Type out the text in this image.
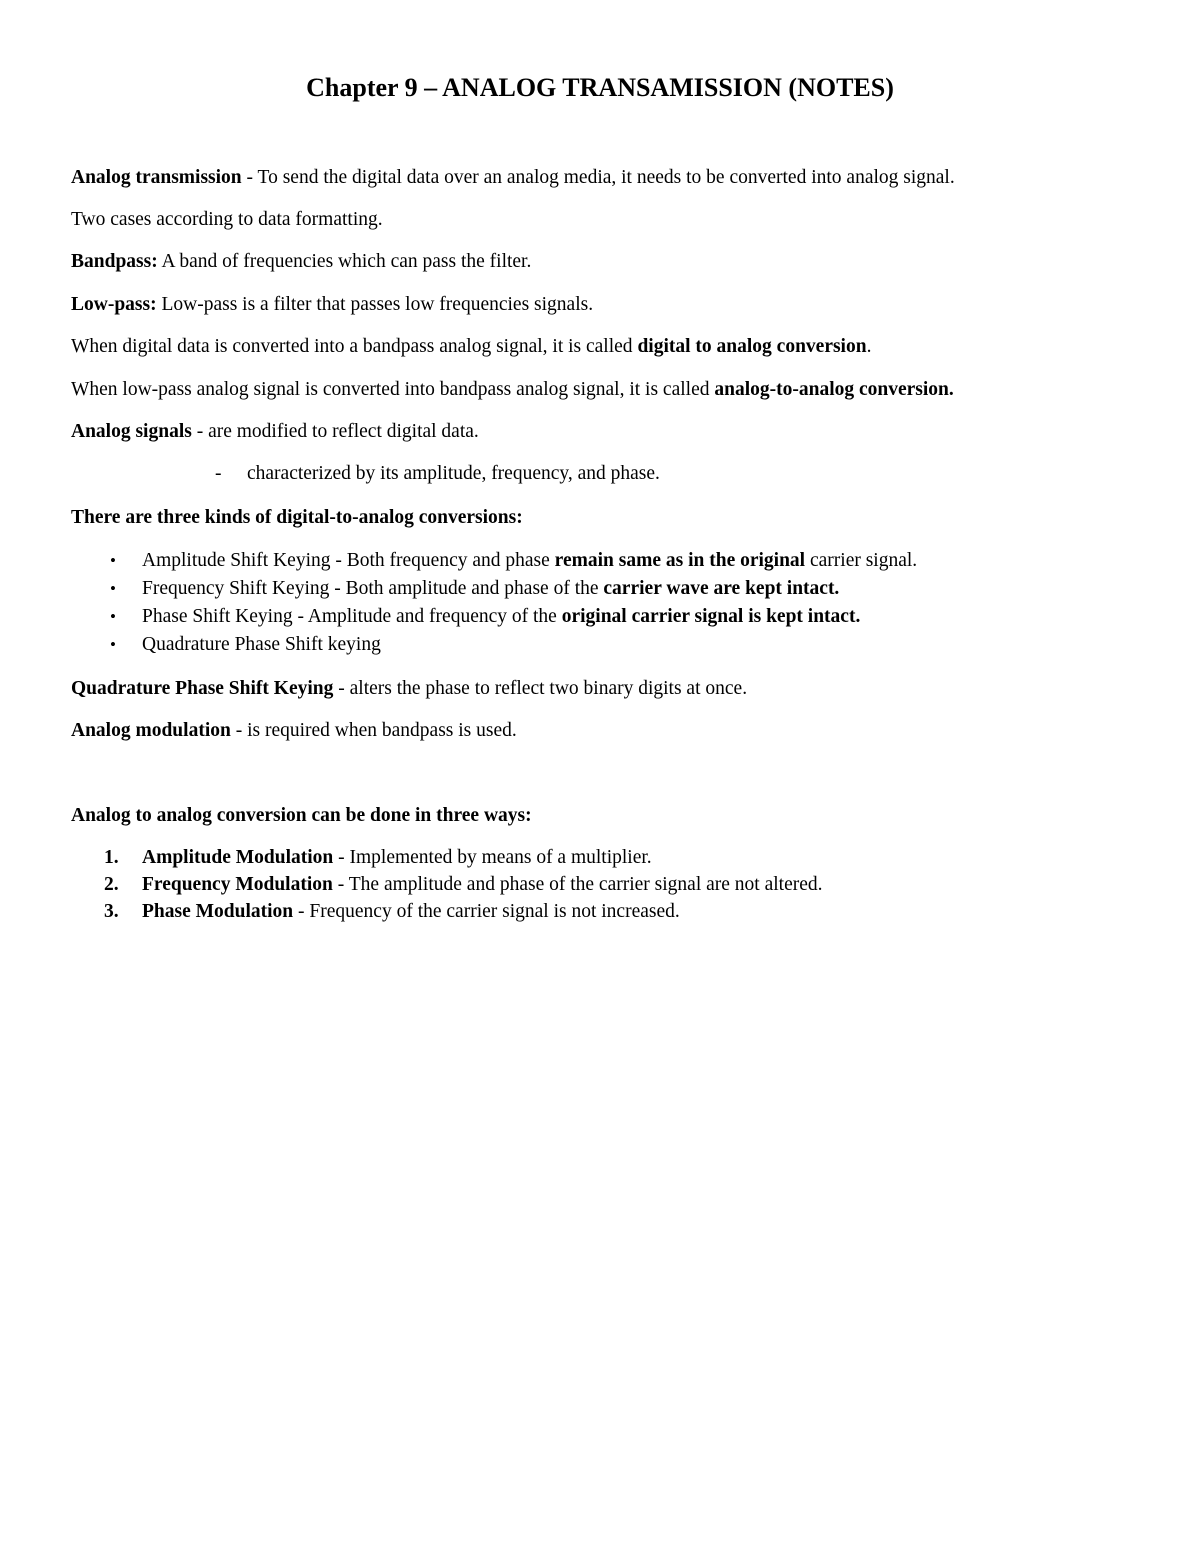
Chapter 9 – ANALOG TRANSAMISSION (NOTES)

Analog transmission - To send the digital data over an analog media, it needs to be converted into analog signal.

Two cases according to data formatting.

Bandpass: A band of frequencies which can pass the filter.

Low-pass: Low-pass is a filter that passes low frequencies signals.

When digital data is converted into a bandpass analog signal, it is called digital to analog conversion.

When low-pass analog signal is converted into bandpass analog signal, it is called analog-to-analog conversion.

Analog signals - are modified to reflect digital data.

- characterized by its amplitude, frequency, and phase.

There are three kinds of digital-to-analog conversions:

• Amplitude Shift Keying - Both frequency and phase remain same as in the original carrier signal.
• Frequency Shift Keying - Both amplitude and phase of the carrier wave are kept intact.
• Phase Shift Keying - Amplitude and frequency of the original carrier signal is kept intact.
• Quadrature Phase Shift keying

Quadrature Phase Shift Keying - alters the phase to reflect two binary digits at once.

Analog modulation - is required when bandpass is used.

Analog to analog conversion can be done in three ways:

1. Amplitude Modulation - Implemented by means of a multiplier.
2. Frequency Modulation - The amplitude and phase of the carrier signal are not altered.
3. Phase Modulation - Frequency of the carrier signal is not increased.
